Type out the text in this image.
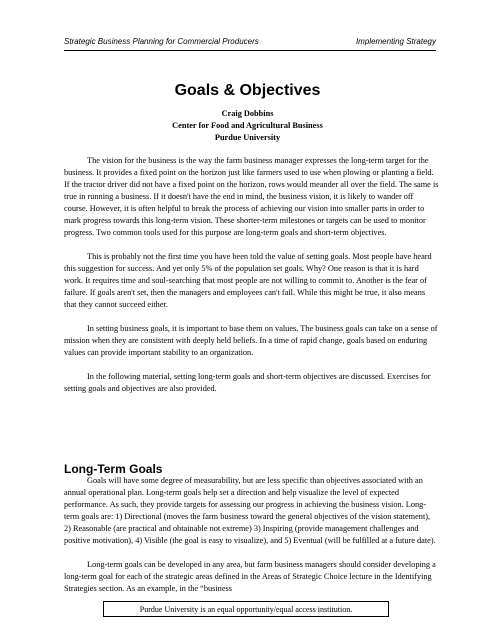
Strategic Business Planning for Commercial Producers	Implementing Strategy
Goals & Objectives
Craig Dobbins
Center for Food and Agricultural Business
Purdue University

The vision for the business is the way the farm business manager expresses the long-term target for the business. It provides a fixed point on the horizon just like farmers used to use when plowing or planting a field. If the tractor driver did not have a fixed point on the horizon, rows would meander all over the field. The same is true in running a business. If it doesn't have the end in mind, the business vision, it is likely to wander off course. However, it is often helpful to break the process of achieving our vision into smaller parts in order to mark progress towards this long-term vision. These shorter-term milestones or targets can be used to monitor progress. Two common tools used for this purpose are long-term goals and short-term objectives.

This is probably not the first time you have been told the value of setting goals. Most people have heard this suggestion for success. And yet only 5% of the population set goals. Why? One reason is that it is hard work. It requires time and soul-searching that most people are not willing to commit to. Another is the fear of failure. If goals aren't set, then the managers and employees can't fail. While this might be true, it also means that they cannot succeed either.

In setting business goals, it is important to base them on values. The business goals can take on a sense of mission when they are consistent with deeply held beliefs. In a time of rapid change, goals based on enduring values can provide important stability to an organization.

In the following material, setting long-term goals and short-term objectives are discussed. Exercises for setting goals and objectives are also provided.

Long-Term Goals

Goals will have some degree of measurability, but are less specific than objectives associated with an annual operational plan. Long-term goals help set a direction and help visualize the level of expected performance. As such, they provide targets for assessing our progress in achieving the business vision. Long-term goals are: 1) Directional (moves the farm business toward the general objectives of the vision statement), 2) Reasonable (are practical and obtainable not extreme) 3) Inspiring (provide management challenges and positive motivation), 4) Visible (the goal is easy to visualize), and 5) Eventual (will be fulfilled at a future date).

Long-term goals can be developed in any area, but farm business managers should consider developing a long-term goal for each of the strategic areas defined in the Areas of Strategic Choice lecture in the Identifying Strategies section. As an example, in the “business

Purdue University is an equal opportunity/equal access institution.
